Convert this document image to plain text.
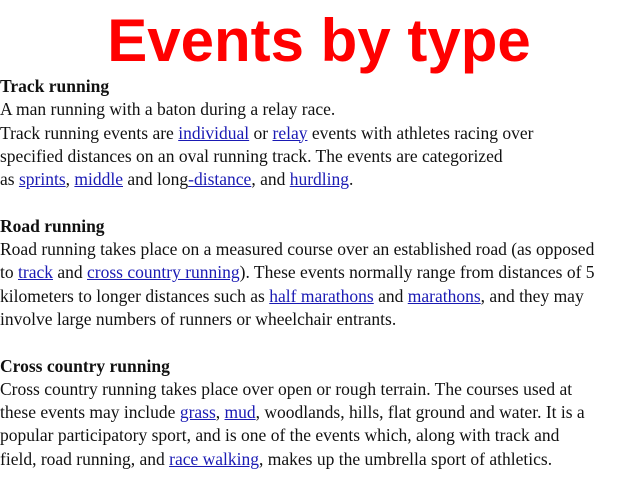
Events by type

Track running

A man running with a baton during a relay race.

Track running events are individual or relay events with athletes racing over
specified distances on an oval running track. The events are categorized
as sprints, middle and long-distance, and hurdling.

Road running

Road running takes place on a measured course over an established road (as opposed
to track and cross country running). These events normally range from distances of 5
kilometers to longer distances such as half marathons and marathons, and they may
involve large numbers of runners or wheelchair entrants.

Cross country running

Cross country running takes place over open or rough terrain. The courses used at
these events may include grass, mud, woodlands, hills, flat ground and water. It is a
popular participatory sport, and is one of the events which, along with track and
field, road running, and race walking, makes up the umbrella sport of athletics.
